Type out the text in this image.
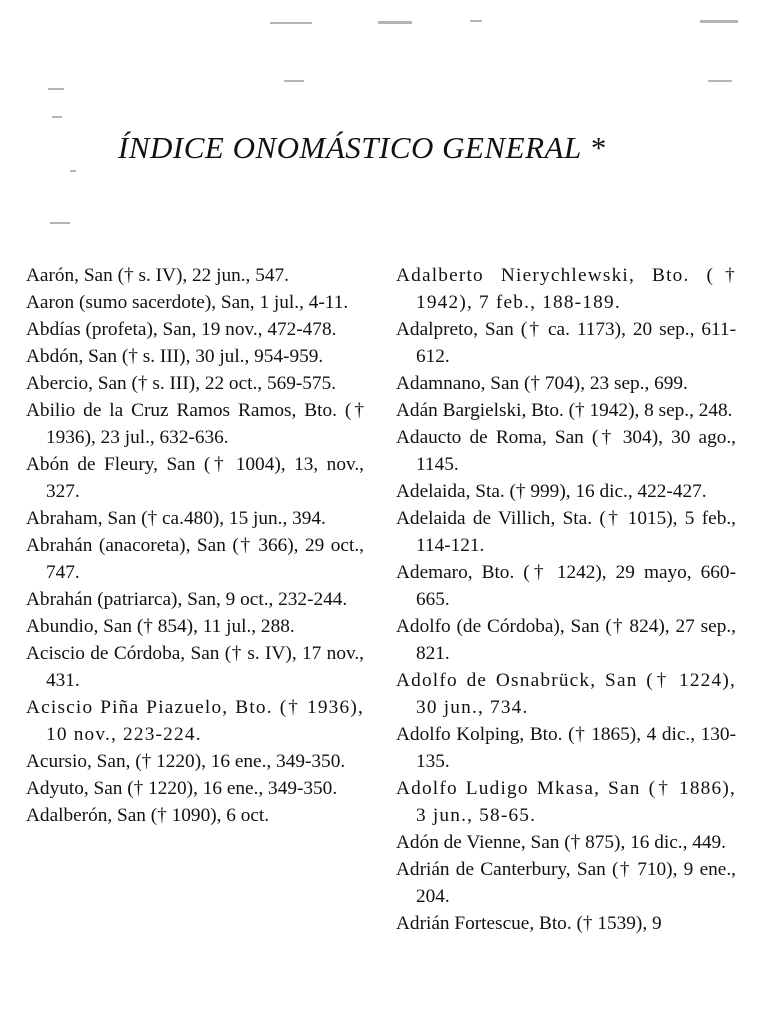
ÍNDICE ONOMÁSTICO GENERAL *

Aarón, San († s. IV), 22 jun., 547.

Aaron (sumo sacerdote), San, 1 jul., 4-11.

Abdías (profeta), San, 19 nov., 472-478.

Abdón, San († s. III), 30 jul., 954-959.

Abercio, San († s. III), 22 oct., 569-575.

Abilio de la Cruz Ramos Ramos, Bto. († 1936), 23 jul., 632-636.

Abón de Fleury, San († 1004), 13, nov., 327.

Abraham, San († ca.480), 15 jun., 394.

Abrahán (anacoreta), San († 366), 29 oct., 747.

Abrahán (patriarca), San, 9 oct., 232-244.

Abundio, San († 854), 11 jul., 288.

Aciscio de Córdoba, San († s. IV), 17 nov., 431.

Aciscio Piña Piazuelo, Bto. († 1936), 10 nov., 223-224.

Acursio, San, († 1220), 16 ene., 349-350.

Adyuto, San († 1220), 16 ene., 349-350.

Adalberón, San († 1090), 6 oct.

Adalberto Nierychlewski, Bto. († 1942), 7 feb., 188-189.

Adalpreto, San († ca. 1173), 20 sep., 611-612.

Adamnano, San († 704), 23 sep., 699.

Adán Bargielski, Bto. († 1942), 8 sep., 248.

Adaucto de Roma, San († 304), 30 ago., 1145.

Adelaida, Sta. († 999), 16 dic., 422-427.

Adelaida de Villich, Sta. († 1015), 5 feb., 114-121.

Ademaro, Bto. († 1242), 29 mayo, 660-665.

Adolfo (de Córdoba), San († 824), 27 sep., 821.

Adolfo de Osnabrück, San († 1224), 30 jun., 734.

Adolfo Kolping, Bto. († 1865), 4 dic., 130-135.

Adolfo Ludigo Mkasa, San († 1886), 3 jun., 58-65.

Adón de Vienne, San († 875), 16 dic., 449.

Adrián de Canterbury, San († 710), 9 ene., 204.

Adrián Fortescue, Bto. († 1539), 9
